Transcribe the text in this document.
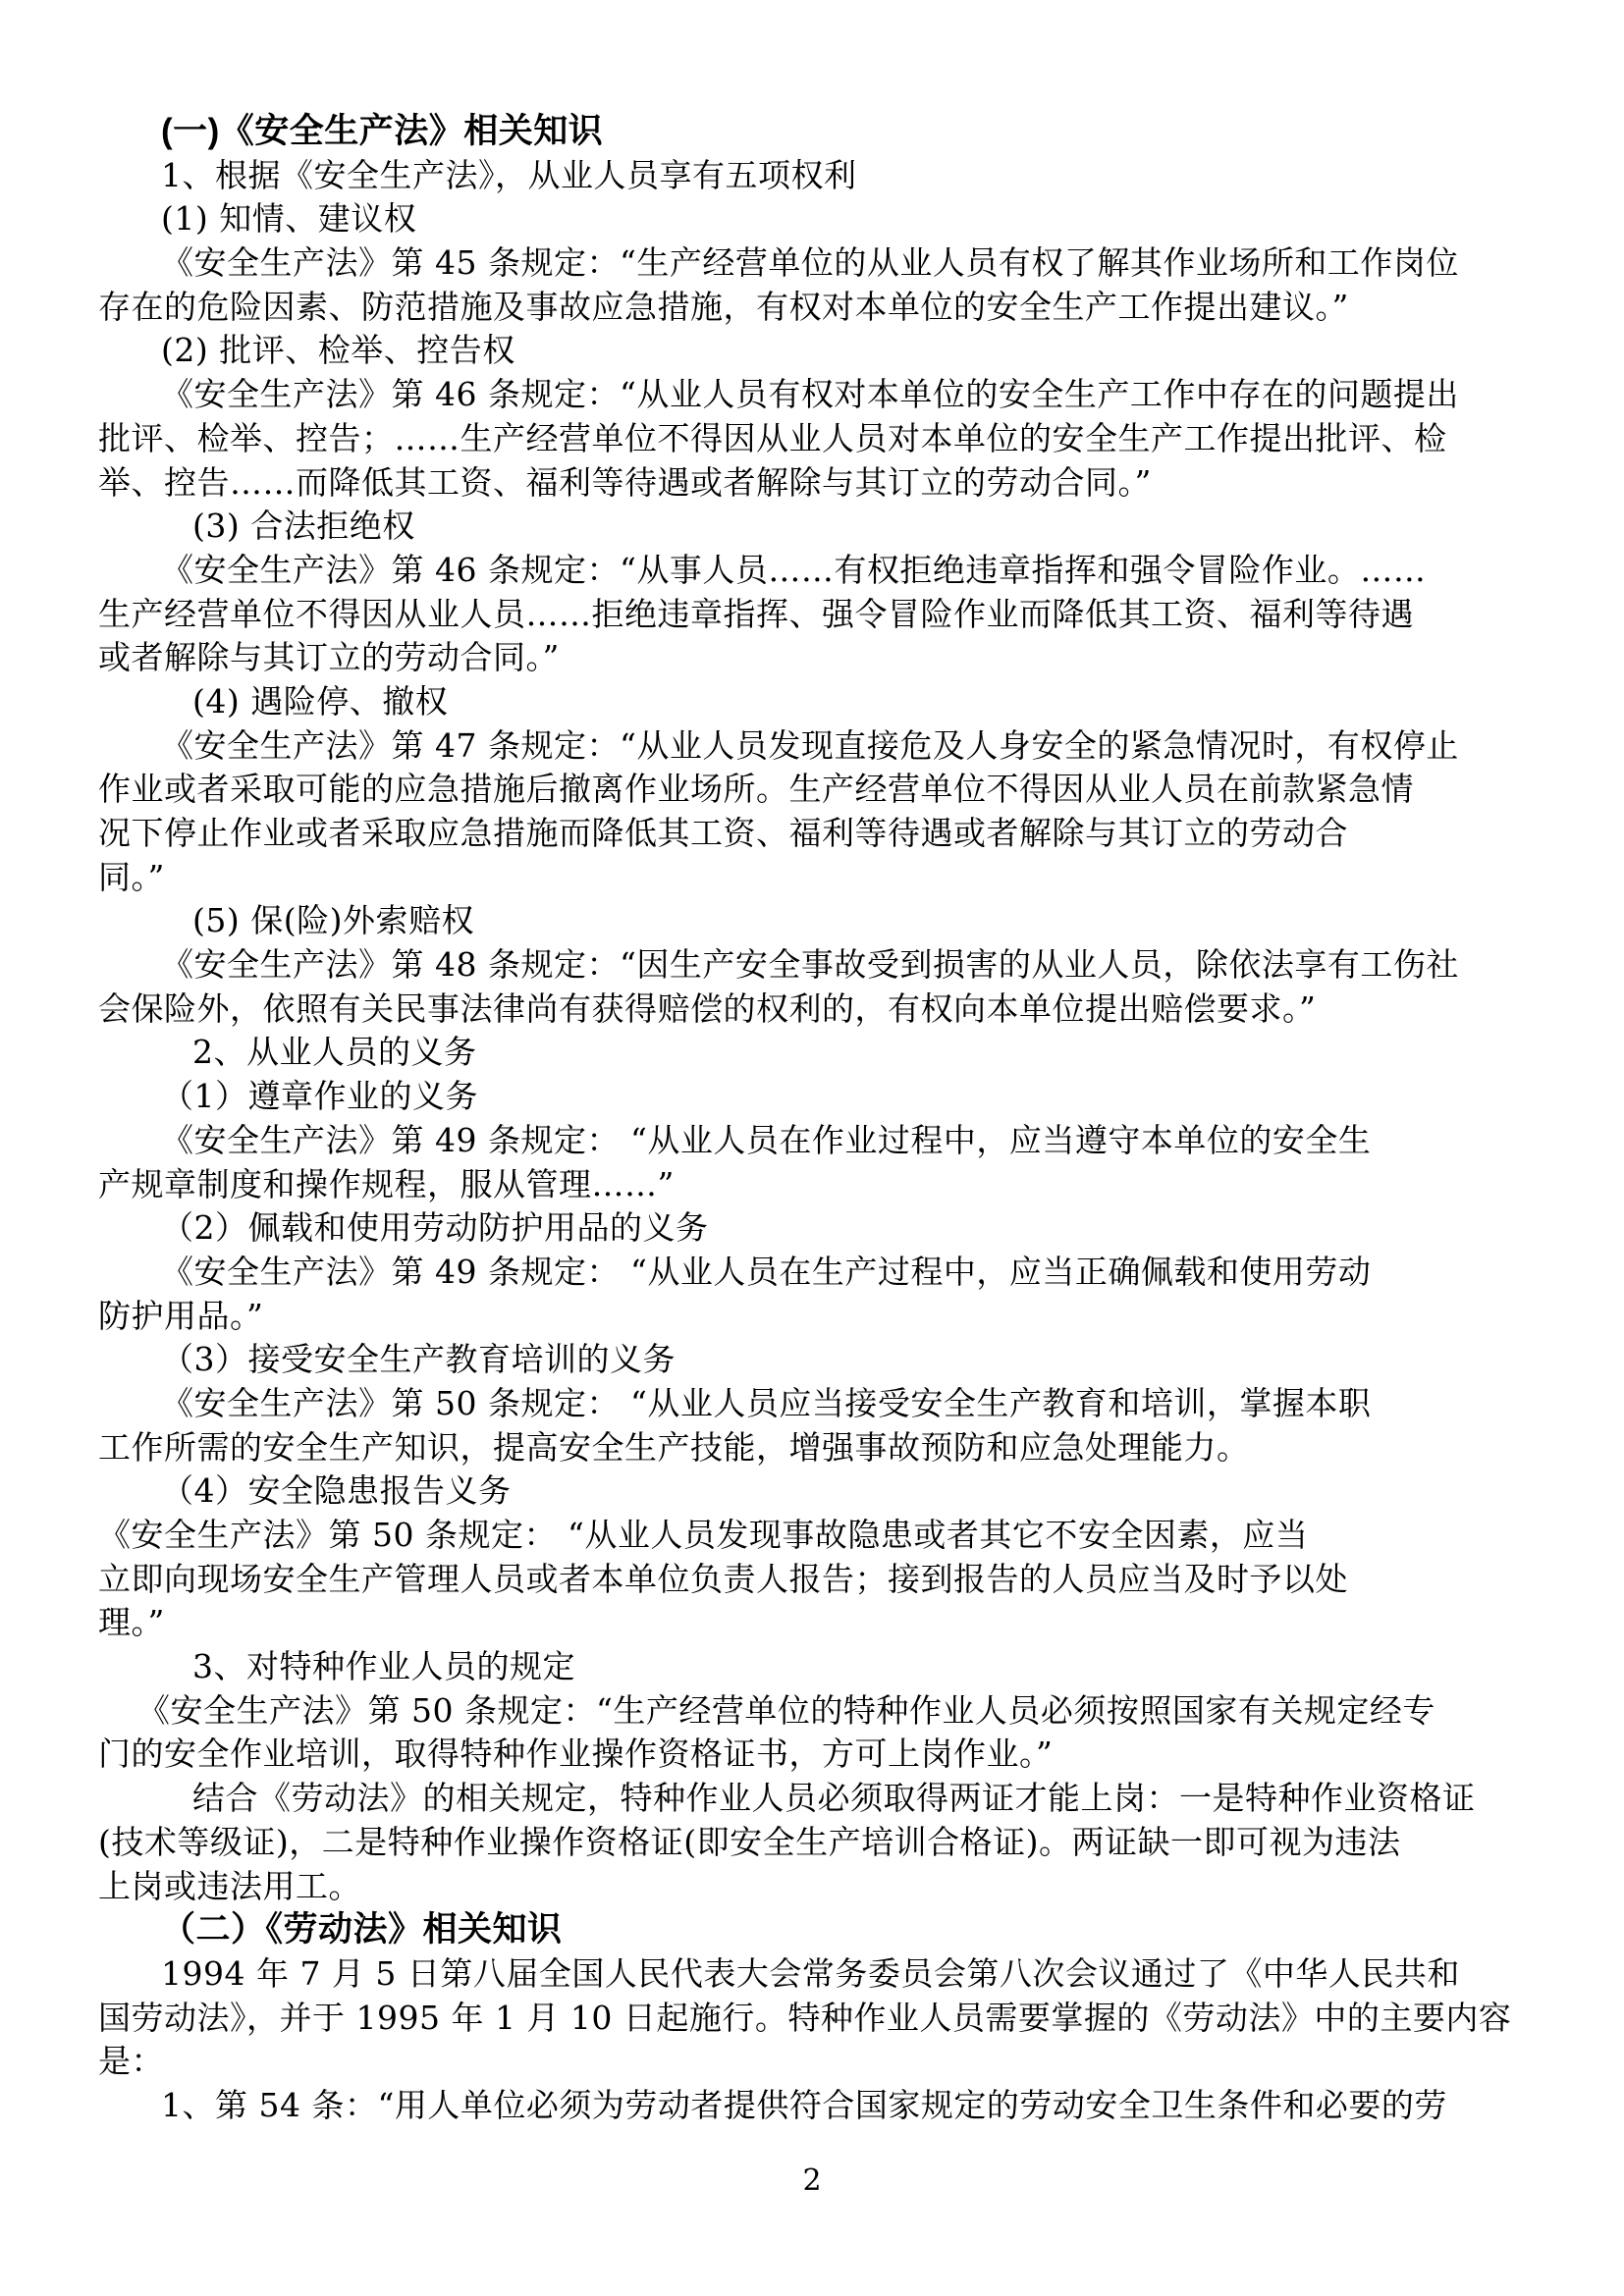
(一)《安全生产法》相关知识
1、根据《安全生产法》，从业人员享有五项权利
(1) 知情、建议权
《安全生产法》第 45 条规定：“生产经营单位的从业人员有权了解其作业场所和工作岗位
存在的危险因素、防范措施及事故应急措施，有权对本单位的安全生产工作提出建议。”
(2) 批评、检举、控告权
《安全生产法》第 46 条规定：“从业人员有权对本单位的安全生产工作中存在的问题提出
批评、检举、控告；……生产经营单位不得因从业人员对本单位的安全生产工作提出批评、检
举、控告……而降低其工资、福利等待遇或者解除与其订立的劳动合同。”
(3) 合法拒绝权
《安全生产法》第 46 条规定：“从事人员……有权拒绝违章指挥和强令冒险作业。……
生产经营单位不得因从业人员……拒绝违章指挥、强令冒险作业而降低其工资、福利等待遇
或者解除与其订立的劳动合同。”
(4) 遇险停、撤权
《安全生产法》第 47 条规定：“从业人员发现直接危及人身安全的紧急情况时，有权停止
作业或者采取可能的应急措施后撤离作业场所。生产经营单位不得因从业人员在前款紧急情
况下停止作业或者采取应急措施而降低其工资、福利等待遇或者解除与其订立的劳动合
同。”
(5) 保(险)外索赔权
《安全生产法》第 48 条规定：“因生产安全事故受到损害的从业人员，除依法享有工伤社
会保险外，依照有关民事法律尚有获得赔偿的权利的，有权向本单位提出赔偿要求。”
2、从业人员的义务
（1）遵章作业的义务
《安全生产法》第 49 条规定： “从业人员在作业过程中，应当遵守本单位的安全生
产规章制度和操作规程，服从管理……”
（2）佩载和使用劳动防护用品的义务
《安全生产法》第 49 条规定： “从业人员在生产过程中，应当正确佩载和使用劳动
防护用品。”
（3）接受安全生产教育培训的义务
《安全生产法》第 50 条规定： “从业人员应当接受安全生产教育和培训，掌握本职
工作所需的安全生产知识，提高安全生产技能，增强事故预防和应急处理能力。
（4）安全隐患报告义务
《安全生产法》第 50 条规定： “从业人员发现事故隐患或者其它不安全因素，应当
立即向现场安全生产管理人员或者本单位负责人报告；接到报告的人员应当及时予以处
理。”
3、对特种作业人员的规定
《安全生产法》第 50 条规定：“生产经营单位的特种作业人员必须按照国家有关规定经专
门的安全作业培训，取得特种作业操作资格证书，方可上岗作业。”
结合《劳动法》的相关规定，特种作业人员必须取得两证才能上岗：一是特种作业资格证
(技术等级证)，二是特种作业操作资格证(即安全生产培训合格证)。两证缺一即可视为违法
上岗或违法用工。
（二）《劳动法》相关知识
1994 年 7 月 5 日第八届全国人民代表大会常务委员会第八次会议通过了《中华人民共和
国劳动法》，并于 1995 年 1 月 10 日起施行。特种作业人员需要掌握的《劳动法》中的主要内容
是：
1、第 54 条：“用人单位必须为劳动者提供符合国家规定的劳动安全卫生条件和必要的劳
2
